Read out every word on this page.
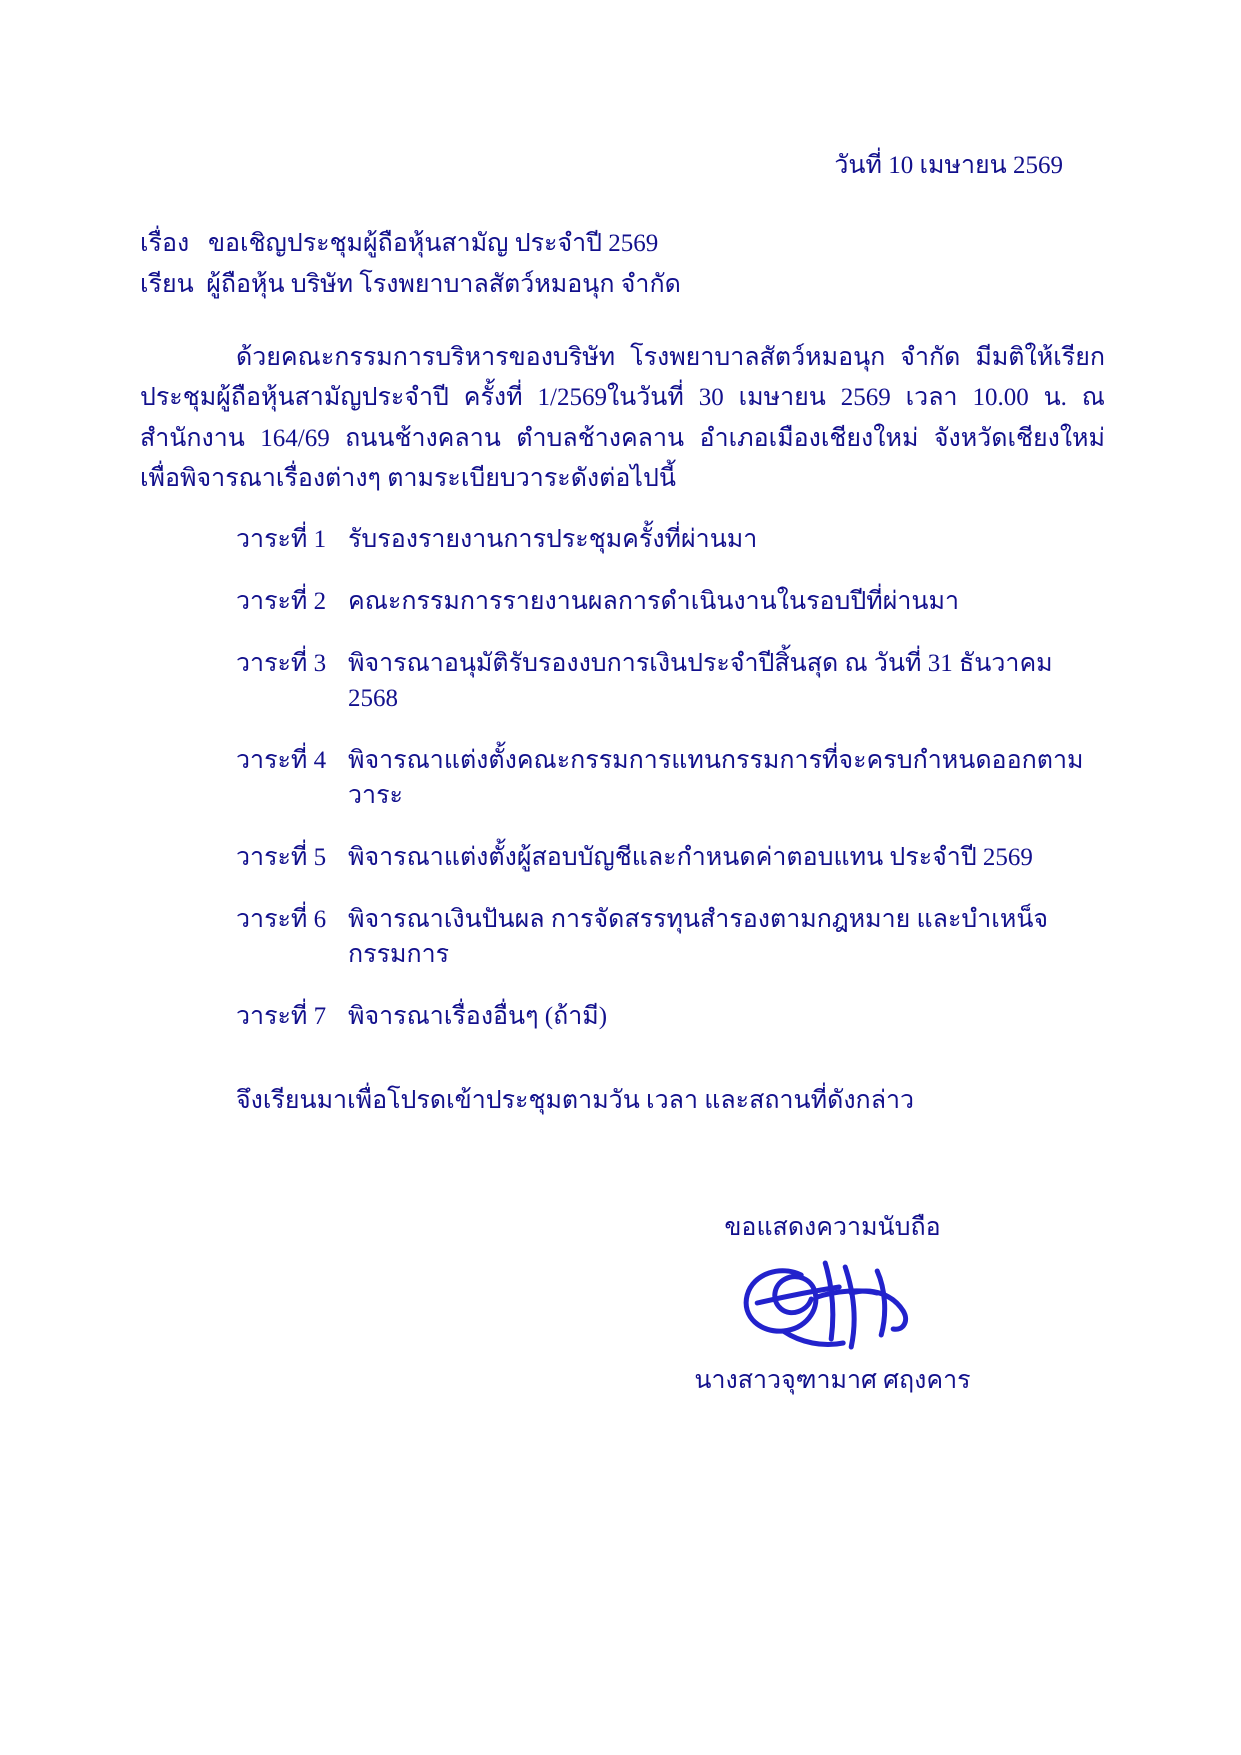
วันที่ 10 เมษายน 2569
เรื่อง   ขอเชิญประชุมผู้ถือหุ้นสามัญ ประจำปี 2569
เรียน  ผู้ถือหุ้น บริษัท โรงพยาบาลสัตว์หมอนุก จำกัด
ด้วยคณะกรรมการบริหารของบริษัท โรงพยาบาลสัตว์หมอนุก จำกัด มีมติให้เรียกประชุมผู้ถือหุ้นสามัญประจำปี ครั้งที่ 1/2569ในวันที่ 30 เมษายน 2569 เวลา 10.00 น. ณ สำนักงาน 164/69 ถนนช้างคลาน ตำบลช้างคลาน อำเภอเมืองเชียงใหม่ จังหวัดเชียงใหม่ เพื่อพิจารณาเรื่องต่างๆ ตามระเบียบวาระดังต่อไปนี้
วาระที่ 1 รับรองรายงานการประชุมครั้งที่ผ่านมา
วาระที่ 2 คณะกรรมการรายงานผลการดำเนินงานในรอบปีที่ผ่านมา
วาระที่ 3 พิจารณาอนุมัติรับรองงบการเงินประจำปีสิ้นสุด ณ วันที่ 31 ธันวาคม 2568
วาระที่ 4 พิจารณาแต่งตั้งคณะกรรมการแทนกรรมการที่จะครบกำหนดออกตามวาระ
วาระที่ 5 พิจารณาแต่งตั้งผู้สอบบัญชีและกำหนดค่าตอบแทน ประจำปี 2569
วาระที่ 6 พิจารณาเงินปันผล การจัดสรรทุนสำรองตามกฎหมาย และบำเหน็จกรรมการ
วาระที่ 7 พิจารณาเรื่องอื่นๆ (ถ้ามี)
จึงเรียนมาเพื่อโปรดเข้าประชุมตามวัน เวลา และสถานที่ดังกล่าว
ขอแสดงความนับถือ
นางสาวจุฑามาศ ศฤงคาร
